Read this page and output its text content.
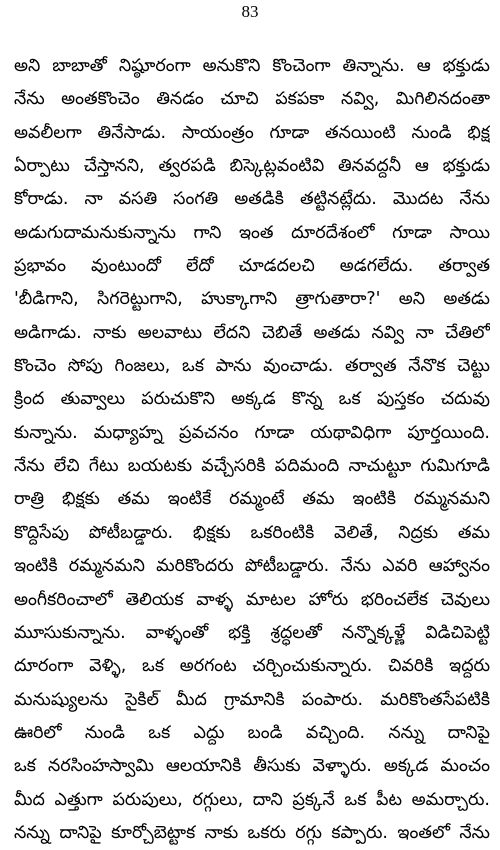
83
అని బాబాతో నిష్ఠూరంగా అనుకొని కొంచెంగా తిన్నాను. ఆ భక్తుడు
నేను అంతకొంచెం తినడం చూచి పకపకా నవ్వి, మిగిలినదంతా
అవలీలగా తినేసాడు. సాయంత్రం గూడా తనయింటి నుండి భిక్ష
ఏర్పాటు చేస్తానని, త్వరపడి బిస్కెట్లవంటివి తినవద్దనీ ఆ భక్తుడు
కోరాడు. నా వసతి సంగతి అతడికి తట్టినట్లేదు. మొదట నేను
అడుగుదామనుకున్నాను గాని ఇంత దూరదేశంలో గూడా సాయి
ప్రభావం వుంటుందో లేదో చూడదలచి అడగలేదు. తర్వాత
'బీడిగాని, సిగరెట్టుగాని, హుక్కాగాని త్రాగుతారా?' అని అతడు
అడిగాడు. నాకు అలవాటు లేదని చెబితే అతడు నవ్వి నా చేతిలో
కొంచెం సోపు గింజలు, ఒక పాను వుంచాడు. తర్వాత నేనొక చెట్టు
క్రింద తువ్వాలు పరుచుకొని అక్కడ కొన్న ఒక పుస్తకం చదువు
కున్నాను. మధ్యాహ్న ప్రవచనం గూడా యథావిధిగా పూర్తయింది.
నేను లేచి గేటు బయటకు వచ్చేసరికి పదిమంది నాచుట్టూ గుమిగూడి
రాత్రి భిక్షకు తమ ఇంటికే రమ్మంటే తమ ఇంటికి రమ్మనమని
కొద్దిసేపు పోటీబడ్డారు. భిక్షకు ఒకరింటికి వెలితే, నిద్రకు తమ
ఇంటికి రమ్మనమని మరికొందరు పోటీబడ్డారు. నేను ఎవరి ఆహ్వానం
అంగీకరించాలో తెలియక వాళ్ళ మాటల హోరు భరించలేక చెవులు
మూసుకున్నాను. వాళ్ళంతో భక్తి శ్రద్ధలతో నన్నొక్కళ్ణే విడిచిపెట్టి
దూరంగా వెళ్ళి, ఒక అరగంట చర్చించుకున్నారు. చివరికి ఇద్దరు
మనుష్యులను సైకిల్ మీద గ్రామానికి పంపారు. మరికొంతసేపటికి
ఊరిలో నుండి ఒక ఎద్దు బండి వచ్చింది. నన్ను దానిపై
ఒక నరసింహస్వామి ఆలయానికి తీసుకు వెళ్ళారు. అక్కడ మంచం
మీద ఎత్తుగా పరుపులు, రగ్గులు, దాని ప్రక్కనే ఒక పీట అమర్చారు.
నన్ను దానిపై కూర్చోబెట్టాక నాకు ఒకరు రగ్గు కప్పారు. ఇంతలో నేను
